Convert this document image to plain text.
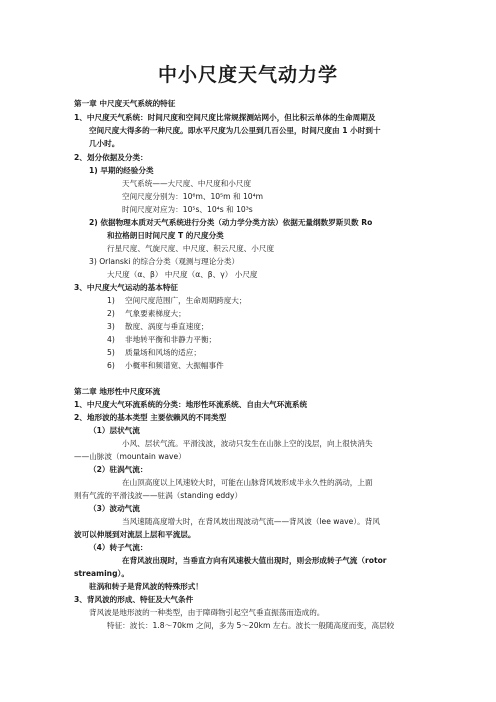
中小尺度天气动力学
第一章 中尺度天气系统的特征
1、中尺度天气系统：时间尺度和空间尺度比常规探测站网小，但比积云单体的生命周期及
空间尺度大得多的一种尺度。即水平尺度为几公里到几百公里，时间尺度由 1 小时到十
几小时。
2、划分依据及分类：
1) 早期的经验分类
天气系统——大尺度、中尺度和小尺度
空间尺度分别为：10⁶m、10⁵m 和 10⁴m
时间尺度对应为：10⁵s、10⁴s 和 10³s
2) 依据物理本质对天气系统进行分类（动力学分类方法）依据无量纲数罗斯贝数 Ro
和拉格朗日时间尺度 T 的尺度分类
行星尺度、气旋尺度、中尺度、积云尺度、小尺度
3) Orlanski 的综合分类（观测与理论分类）
大尺度（α、β） 中尺度（α、β、γ） 小尺度
3、中尺度大气运动的基本特征
1) 空间尺度范围广，生命周期跨度大；
2) 气象要素梯度大；
3) 散度、涡度与垂直速度；
4) 非地转平衡和非静力平衡；
5) 质量场和风场的适应；
6) 小概率和频谱宽、大振幅事件
第二章 地形性中尺度环流
1、中尺度大气环流系统的分类：地形性环流系统、自由大气环流系统
2、地形波的基本类型 主要依赖风的不同类型
（1）层状气流
小风、层状气流。平滑浅波，波动只发生在山脉上空的浅层，向上很快消失
——山脉波（mountain wave）
（2）驻涡气流：
在山顶高度以上风速较大时，可能在山脉背风坡形成半永久性的涡动，上面
则有气流的平滑浅波——驻涡（standing eddy）
（3）波动气流
当风速随高度增大时，在背风坡出现波动气流——背风波（lee wave）。背风
波可以伸展到对流层上层和平流层。
（4）转子气流：
在背风波出现时，当垂直方向有风速极大值出现时，则会形成转子气流（rotor
streaming）。
驻涡和转子是背风波的特殊形式！
3、背风波的形成、特征及大气条件
背风波是地形波的一种类型，由于障碍物引起空气垂直振荡而造成的。
特征：波长：1.8～70km 之间，多为 5～20km 左右。波长一般随高度而变，高层较
